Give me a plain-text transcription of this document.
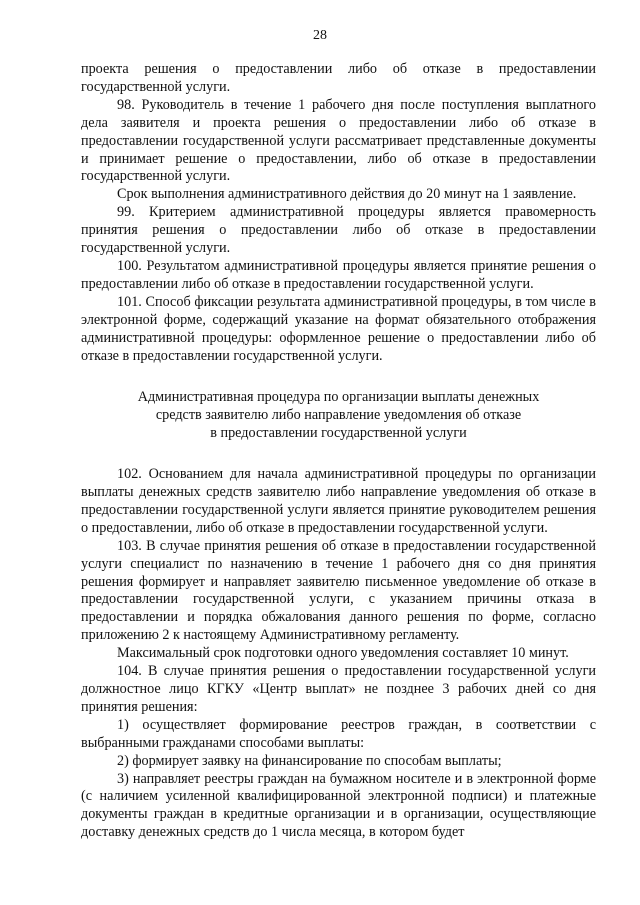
28

проекта решения о предоставлении либо об отказе в предоставлении государственной услуги.

98. Руководитель в течение 1 рабочего дня после поступления выплатного дела заявителя и проекта решения о предоставлении либо об отказе в предоставлении государственной услуги рассматривает представленные документы и принимает решение о предоставлении, либо об отказе в предоставлении государственной услуги.

Срок выполнения административного действия до 20 минут на 1 заявление.

99. Критерием административной процедуры является правомерность принятия решения о предоставлении либо об отказе в предоставлении государственной услуги.

100. Результатом административной процедуры является принятие решения о предоставлении либо об отказе в предоставлении государственной услуги.

101. Способ фиксации результата административной процедуры, в том числе в электронной форме, содержащий указание на формат обязательного отображения административной процедуры: оформленное решение о предоставлении либо об отказе в предоставлении государственной услуги.

Административная процедура по организации выплаты денежных
средств заявителю либо направление уведомления об отказе
в предоставлении государственной услуги

102. Основанием для начала административной процедуры по организации выплаты денежных средств заявителю либо направление уведомления об отказе в предоставлении государственной услуги является принятие руководителем решения о предоставлении, либо об отказе в предоставлении государственной услуги.

103. В случае принятия решения об отказе в предоставлении государственной услуги специалист по назначению в течение 1 рабочего дня со дня принятия решения формирует и направляет заявителю письменное уведомление об отказе в предоставлении государственной услуги, с указанием причины отказа в предоставлении и порядка обжалования данного решения по форме, согласно приложению 2 к настоящему Административному регламенту.

Максимальный срок подготовки одного уведомления составляет 10 минут.

104. В случае принятия решения о предоставлении государственной услуги должностное лицо КГКУ «Центр выплат» не позднее 3 рабочих дней со дня принятия решения:

1) осуществляет формирование реестров граждан, в соответствии с выбранными гражданами способами выплаты:

2) формирует заявку на финансирование по способам выплаты;

3) направляет реестры граждан на бумажном носителе и в электронной форме (с наличием усиленной квалифицированной электронной подписи) и платежные документы граждан в кредитные организации и в организации, осуществляющие доставку денежных средств до 1 числа месяца, в котором будет
